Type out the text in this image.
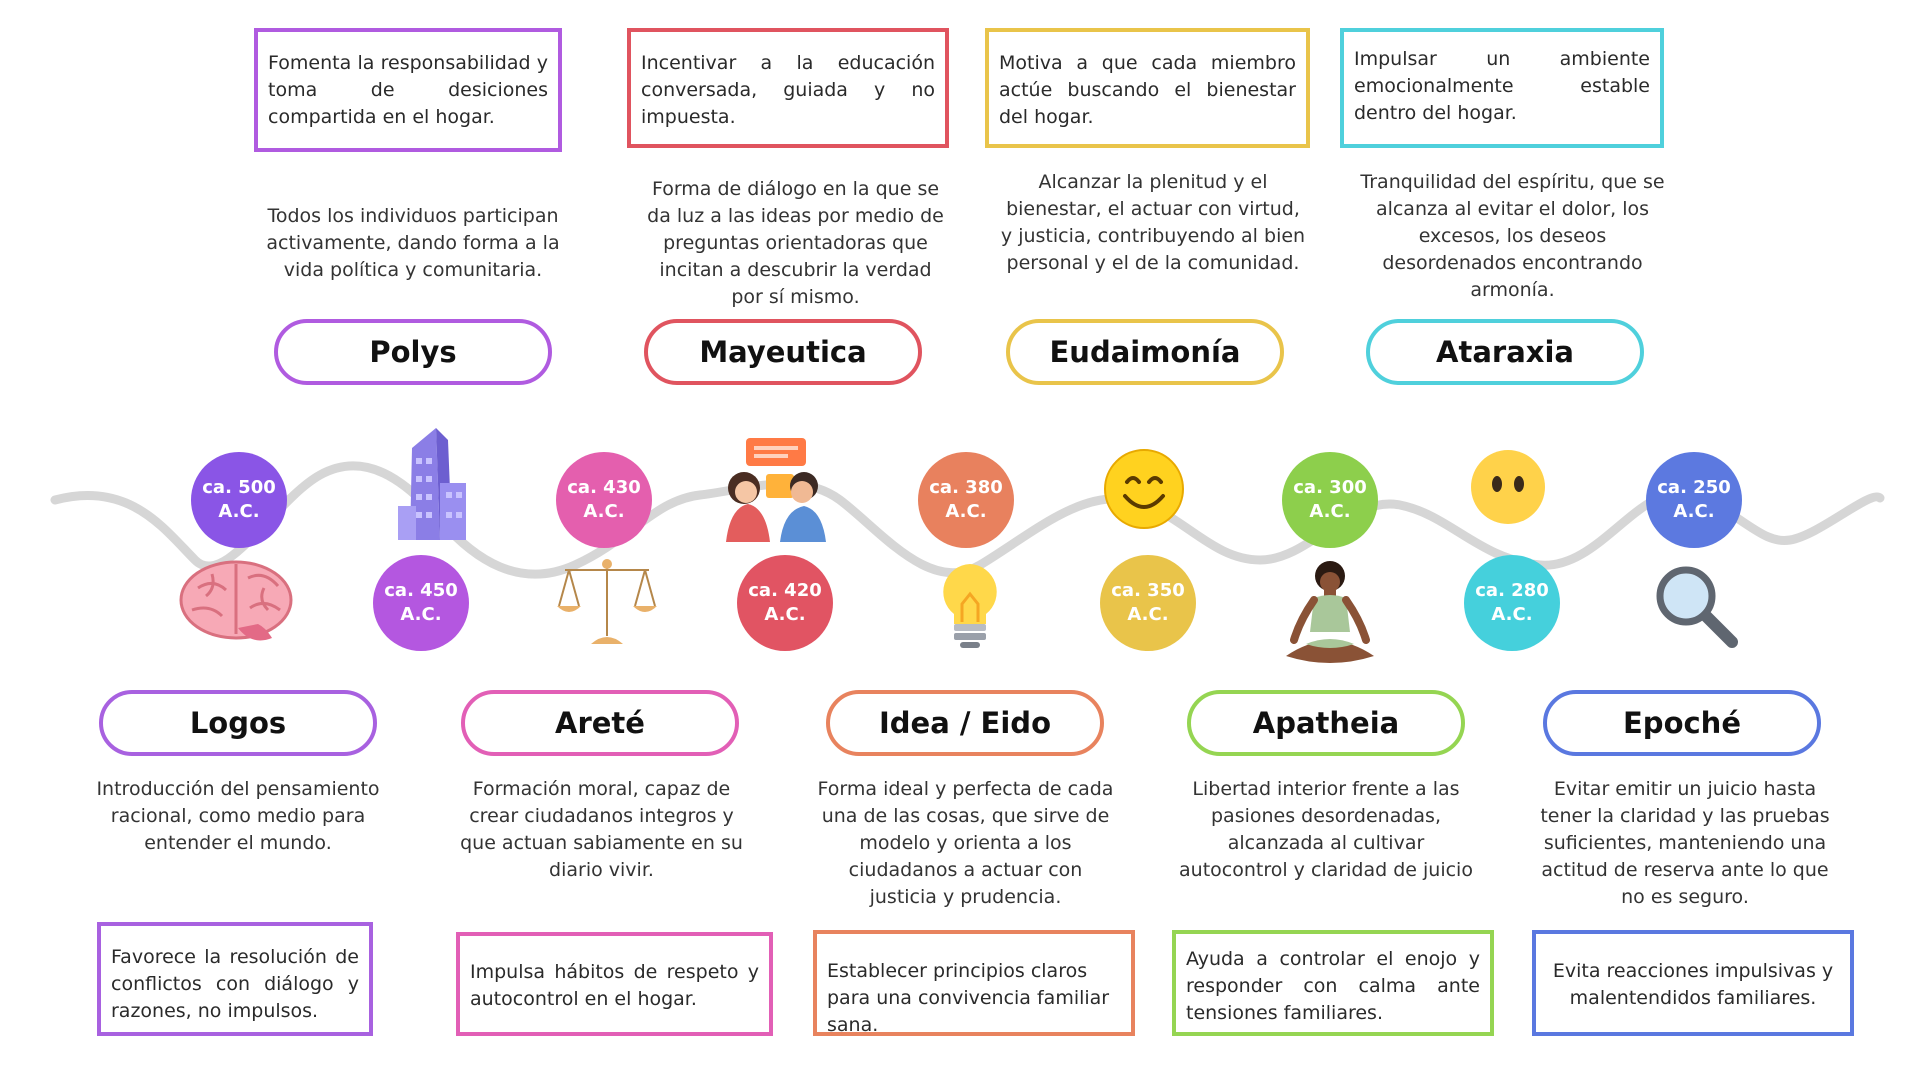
Fomenta la responsabilidad y toma de desiciones compartida en el hogar.
Incentivar a la educación conversada, guiada y no impuesta.
Motiva a que cada miembro actúe buscando el bienestar del hogar.
Impulsar un ambiente emocionalmente estable dentro del hogar.
Todos los individuos participan activamente, dando forma a la vida política y comunitaria.
Forma de diálogo en la que se da luz a las ideas por medio de preguntas orientadoras que incitan a descubrir la verdad por sí mismo.
Alcanzar la plenitud y el bienestar, el actuar con virtud, y justicia, contribuyendo al bien personal y el de la comunidad.
Tranquilidad del espíritu, que se alcanza al evitar el dolor, los excesos, los deseos desordenados encontrando armonía.
Polys	Mayeutica	Eudaimonía	Ataraxia
ca. 500 A.C.
ca. 450 A.C.
ca. 430 A.C.
ca. 420 A.C.
ca. 380 A.C.
ca. 350 A.C.
ca. 300 A.C.
ca. 280 A.C.
ca. 250 A.C.
Logos	Areté	Idea / Eido	Apatheia	Epoché
Introducción del pensamiento racional, como medio para entender el mundo.
Formación moral, capaz de crear ciudadanos integros y que actuan sabiamente en su diario vivir.
Forma ideal y perfecta de cada una de las cosas, que sirve de modelo y orienta a los ciudadanos a actuar con justicia y prudencia.
Libertad interior frente a las pasiones desordenadas, alcanzada al cultivar autocontrol y claridad de juicio
Evitar emitir un juicio hasta tener la claridad y las pruebas suficientes, manteniendo una actitud de reserva ante lo que no es seguro.
Favorece la resolución de conflictos con diálogo y razones, no impulsos.
Impulsa hábitos de respeto y autocontrol en el hogar.
Establecer principios claros para una convivencia familiar sana.
Ayuda a controlar el enojo y responder con calma ante tensiones familiares.
Evita reacciones impulsivas y malentendidos familiares.
